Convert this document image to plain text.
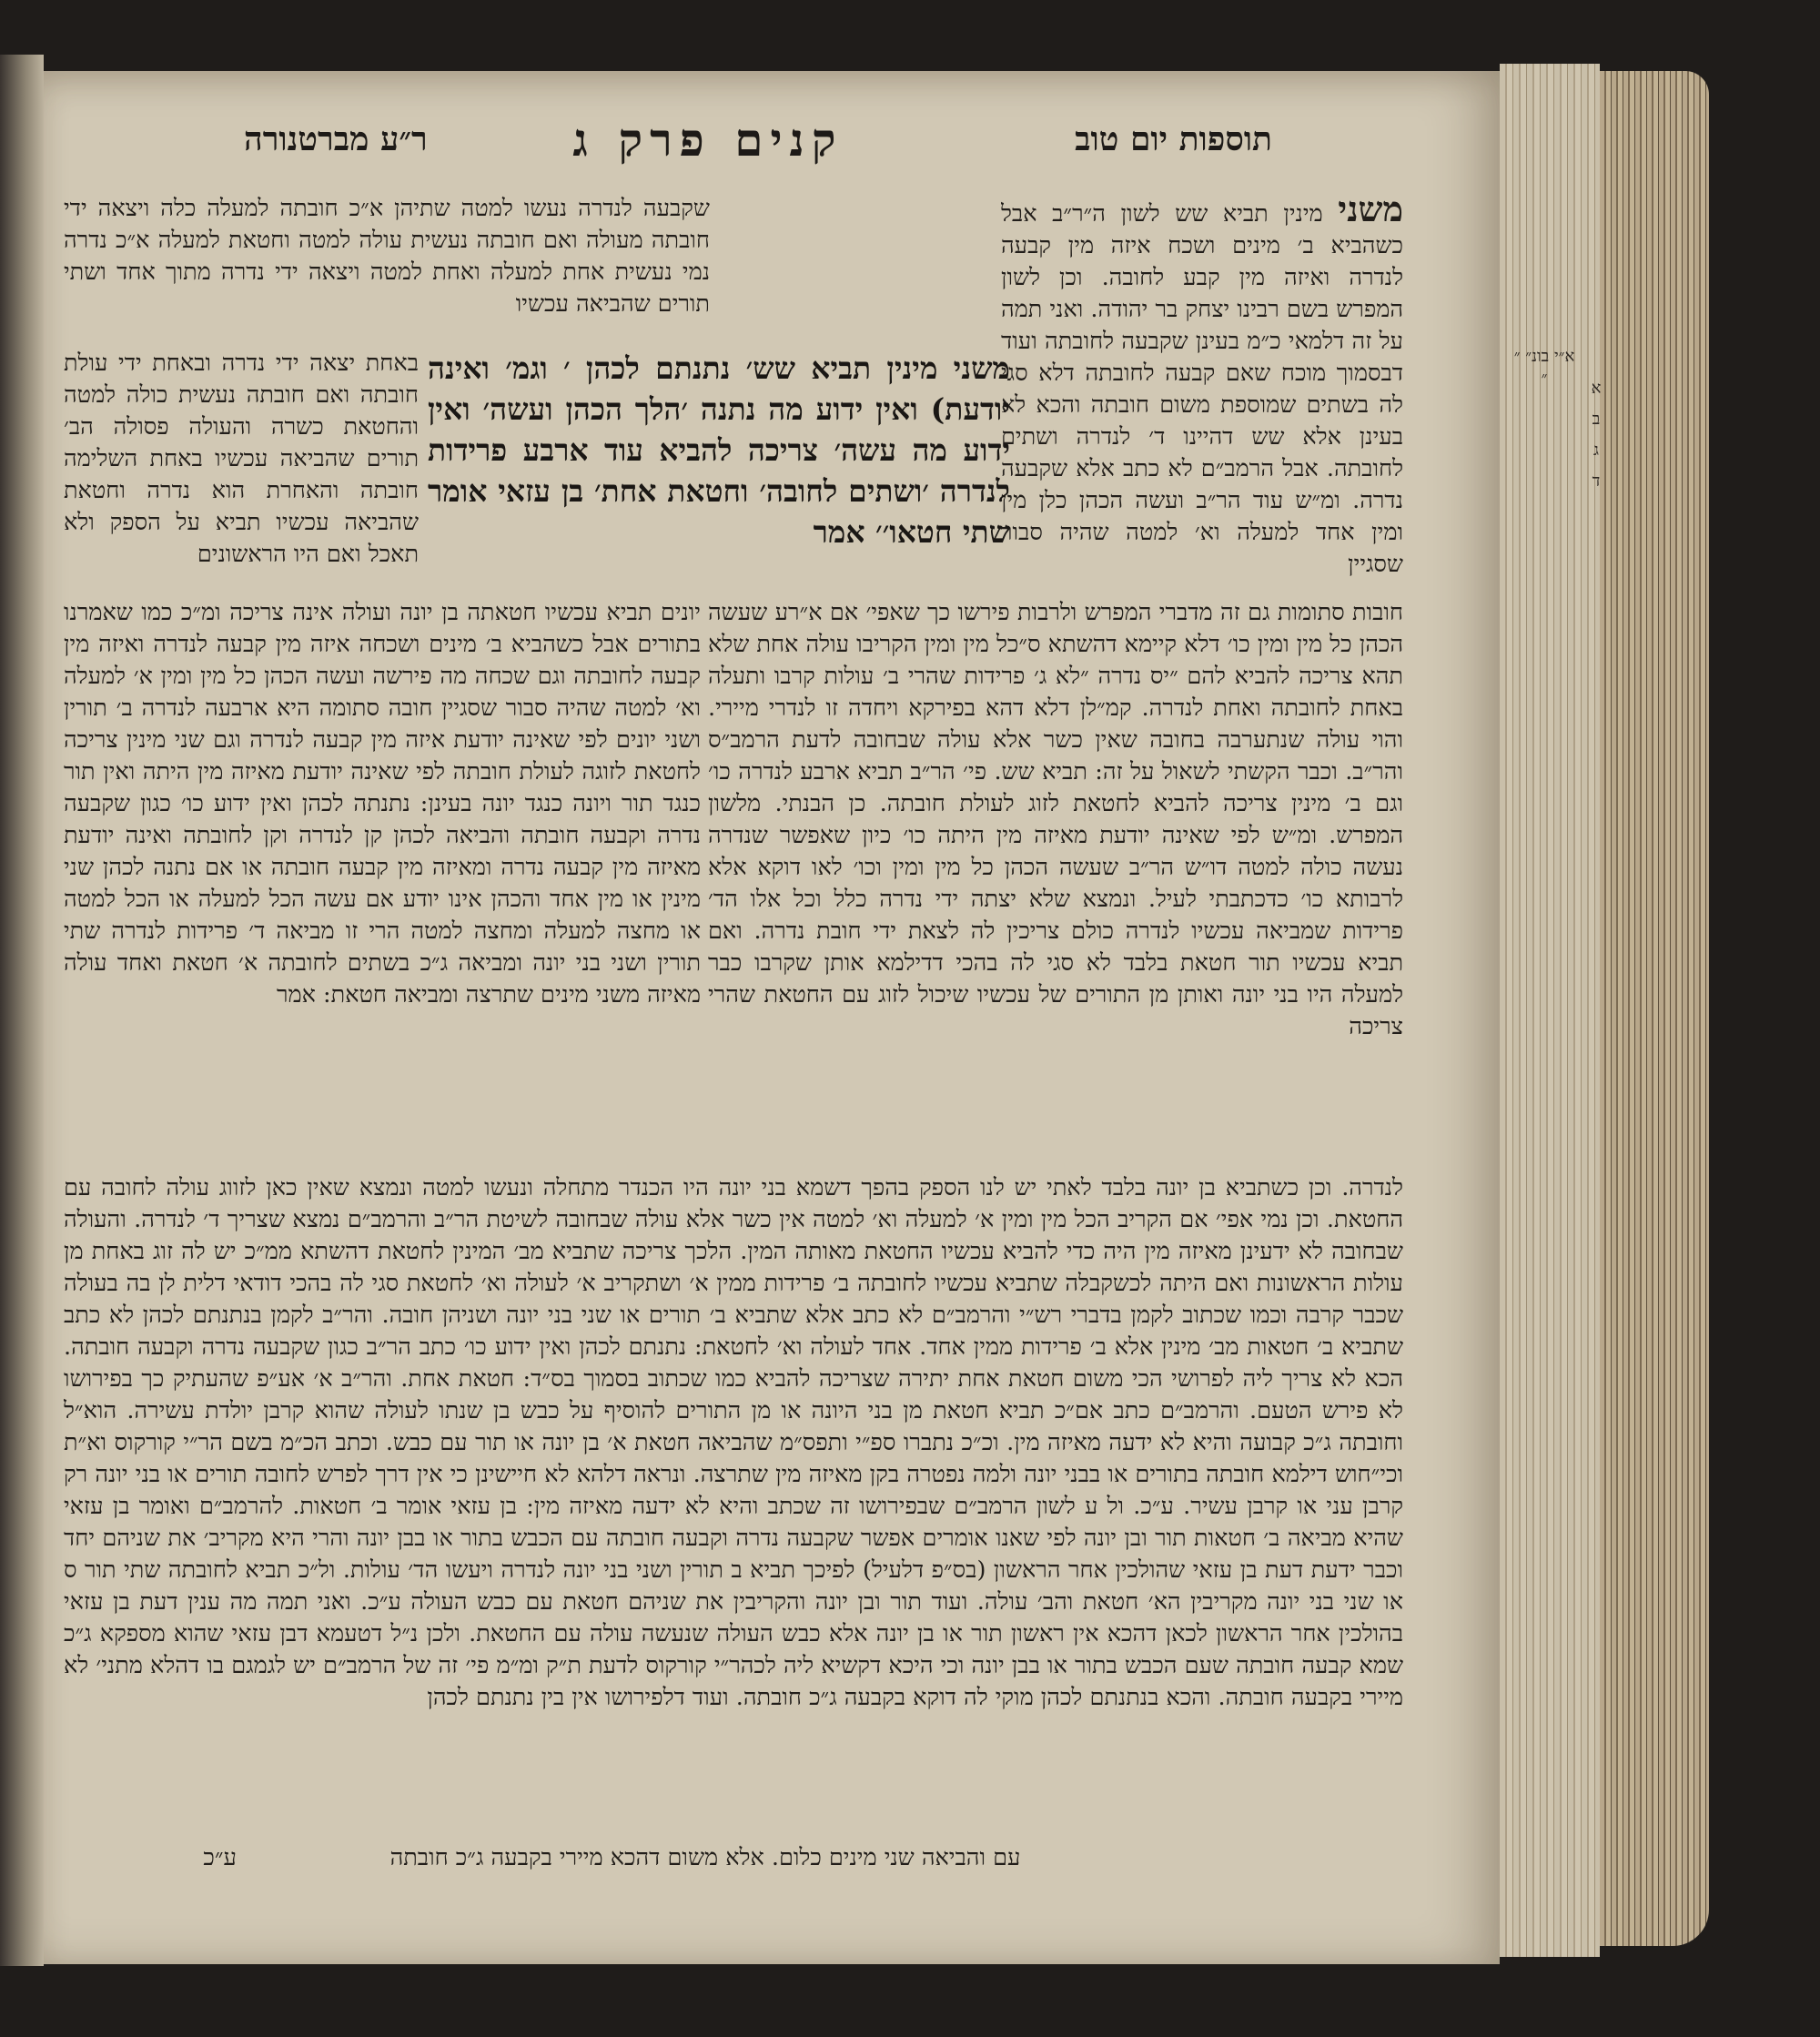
תוספות יום טוב
קנים פרק ג
ר״ע מברטנורה
א״י בונ״ ״ ״
א
ב
ג
ד

משני מינין תביא שש לשון ה״ר״ב אבל כשהביא ב׳ מינים ושכח איזה מין קבעה לנדרה ואיזה מין קבע לחובה. וכן לשון המפרש בשם רבינו יצחק בר יהודה. ואני תמה על זה דלמאי כ״מ בעינן שקבעה לחובתה ועוד דבסמוך מוכח שאם קבעה לחובתה דלא סגי לה בשתים שמוספת משום חובתה והכא לא בעינן אלא שש דהיינו ד׳ לנדרה ושתים לחובתה. אבל הרמב״ם לא כתב אלא שקבעה נדרה. ומ״ש עוד הר״ב ועשה הכהן כלן מין ומין אחד למעלה וא׳ למטה שהיה סבור שסגיין

חובות סתומות גם זה מדברי המפרש ולרבות פירשו כך שאפי׳ אם א״רע שעשה הכהן כל מין ומין כו׳ דלא קיימא דהשתא ס״כל מין ומין הקריבו עולה אחת שלא תהא צריכה להביא להם ״יס נדרה ״לא ג׳ פרידות שהרי ב׳ עולות קרבו ותעלה באחת לחובתה ואחת לנדרה. קמ״לן דלא דהא בפירקא ויחדה זו לנדרי מיירי. והוי עולה שנתערבה בחובה שאין כשר אלא עולה שבחובה לדעת הרמב״ס והר״ב. וכבר הקשתי לשאול על זה: תביא שש. פי׳ הר״ב תביא ארבע לנדרה כו׳ וגם ב׳ מינין צריכה להביא לחטאת לזוג לעולת חובתה. כן הבנתי. מלשון המפרש. ומ״ש לפי שאינה יודעת מאיזה מין היתה כו׳ כיון שאפשר שנדרה נעשה כולה למטה דו״ש הר״ב שעשה הכהן כל מין ומין וכו׳ לאו דוקא אלא לרבותא כו׳ כדכתבתי לעיל. ונמצא שלא יצתה ידי נדרה כלל וכל אלו הד׳ פרידות שמביאה עכשיו לנדרה כולם צריכין לה לצאת ידי חובת נדרה. ואם תביא עכשיו תור חטאת בלבד לא סגי לה בהכי דדילמא אותן שקרבו כבר למעלה היו בני יונה ואותן מן התורים של עכשיו שיכול לזוג עם החטאת שהרי צריכה

שקבעה לנדרה נעשו למטה שתיהן א״כ חובתה למעלה כלה ויצאה ידי חובתה מעולה ואם חובתה נעשית עולה למטה וחטאת למעלה א״כ נדרה נמי נעשית אחת למעלה ואחת למטה ויצאה ידי נדרה מתוך אחד ושתי תורים שהביאה עכשיו

משני מינין תביא שש׳ נתנתם לכהן ׳ וגמ׳ ואינה יודעת) ואין ידוע מה נתנה ׳הלך הכהן ועשה׳ ואין ידוע מה עשה׳ צריכה להביא עוד ארבע פרידות לנדרה ׳ושתים לחובה׳ וחטאת אחת׳ בן עזאי אומר שתי חטאו׳׳ אמר

באחת יצאה ידי נדרה ובאחת ידי עולת חובתה ואם חובתה נעשית כולה למטה והחטאת כשרה והעולה פסולה הב׳ תורים שהביאה עכשיו באחת השלימה חובתה והאחרת הוא נדרה וחטאת שהביאה עכשיו תביא על הספק ולא תאכל ואם היו הראשונים

יונים תביא עכשיו חטאתה בן יונה ועולה אינה צריכה ומ״כ כמו שאמרנו בתורים אבל כשהביא ב׳ מינים ושכחה איזה מין קבעה לנדרה ואיזה מין קבעה לחובתה וגם שכחה מה פירשה ועשה הכהן כל מין ומין א׳ למעלה וא׳ למטה שהיה סבור שסגיין חובה סתומה היא ארבעה לנדרה ב׳ תורין ושני יונים לפי שאינה יודעת איזה מין קבעה לנדרה וגם שני מינין צריכה לחטאת לזוגה לעולת חובתה לפי שאינה יודעת מאיזה מין היתה ואין תור כנגד תור ויונה כנגד יונה בעינן: נתנתה לכהן ואין ידוע כו׳ כגון שקבעה נדרה וקבעה חובתה והביאה לכהן קן לנדרה וקן לחובתה ואינה יודעת מאיזה מין קבעה נדרה ומאיזה מין קבעה חובתה או אם נתנה לכהן שני מינין או מין אחד והכהן אינו יודע אם עשה הכל למעלה או הכל למטה או מחצה למעלה ומחצה למטה הרי זו מביאה ד׳ פרידות לנדרה שתי תורין ושני בני יונה ומביאה ג״כ בשתים לחובתה א׳ חטאת ואחד עולה מאיזה משני מינים שתרצה ומביאה חטאת: אמר

לנדרה. וכן כשתביא בן יונה בלבד לאתי יש לנו הספק בהפך דשמא בני יונה היו הכנדר מתחלה ונעשו למטה ונמצא שאין כאן לזווג עולה לחובה עם החטאת. וכן נמי אפי׳ אם הקריב הכל מין ומין א׳ למעלה וא׳ למטה אין כשר אלא עולה שבחובה לשיטת הר״ב והרמב״ם נמצא שצריך ד׳ לנדרה. והעולה שבחובה לא ידעינן מאיזה מין היה כדי להביא עכשיו החטאת מאותה המין. הלכך צריכה שתביא מב׳ המינין לחטאת דהשתא ממ״כ יש לה זוג באחת מן עולות הראשונות ואם היתה לכשקבלה שתביא עכשיו לחובתה ב׳ פרידות ממין א׳ ושתקריב א׳ לעולה וא׳ לחטאת סגי לה בהכי דודאי דלית לן בה בעולה שכבר קרבה וכמו שכתוב לקמן בדברי רש״י והרמב״ם לא כתב אלא שתביא ב׳ תורים או שני בני יונה ושניהן חובה. והר״ב לקמן בנתנתם לכהן לא כתב שתביא ב׳ חטאות מב׳ מינין אלא ב׳ פרידות ממין אחד. אחד לעולה וא׳ לחטאת: נתנתם לכהן ואין ידוע כו׳ כתב הר״ב כגון שקבעה נדרה וקבעה חובתה. הכא לא צריך ליה לפרושי הכי משום חטאת אחת יתירה שצריכה להביא כמו שכתוב בסמוך בס״ד: חטאת אחת. והר״ב א׳ אע״פ שהעתיק כך בפירושו לא פירש הטעם. והרמב״ם כתב אם״כ תביא חטאת מן בני היונה או מן התורים להוסיף על כבש בן שנתו לעולה שהוא קרבן יולדת עשירה. הוא״ל וחובתה ג״כ קבועה והיא לא ידעה מאיזה מין. וכ״כ נתברו ספ״י ותפס״מ שהביאה חטאת א׳ בן יונה או תור עם כבש. וכתב הכ״מ בשם הר״י קורקוס וא״ת וכי״חוש דילמא חובתה בתורים או בבני יונה ולמה נפטרה בקן מאיזה מין שתרצה. ונראה דלהא לא חיישינן כי אין דרך לפרש לחובה תורים או בני יונה רק קרבן עני או קרבן עשיר. ע״כ. ול ע לשון הרמב״ם שבפירושו זה שכתב והיא לא ידעה מאיזה מין: בן עזאי אומר ב׳ חטאות. להרמב״ם ואומר בן עזאי שהיא מביאה ב׳ חטאות תור ובן יונה לפי שאנו אומרים אפשר שקבעה נדרה וקבעה חובתה עם הכבש בתור או בבן יונה והרי היא מקריב׳ את שניהם יחד וכבר ידעת דעת בן עזאי שהולכין אחר הראשון (בס״פ דלעיל) לפיכך תביא ב תורין ושני בני יונה לנדרה ויעשו הד׳ עולות. ול״כ תביא לחובתה שתי תור ס או שני בני יונה מקריבין הא׳ חטאת והב׳ עולה. ועוד תור ובן יונה והקריבין את שניהם חטאת עם כבש העולה ע״כ. ואני תמה מה ענין דעת בן עזאי בהולכין אחר הראשון לכאן דהכא אין ראשון תור או בן יונה אלא כבש העולה שנעשה עולה עם החטאת. ולכן נ״ל דטעמא דבן עזאי שהוא מספקא ג״כ שמא קבעה חובתה שעם הכבש בתור או בבן יונה וכי היכא דקשיא ליה לכהר״י קורקוס לדעת ת״ק ומ״מ פי׳ זה של הרמב״ם יש לגמגם בו דהלא מתני׳ לא מיירי בקבעה חובתה. והכא בנתנתם לכהן מוקי לה דוקא בקבעה ג״כ חובתה. ועוד דלפירושו אין בין נתנתם לכהן

עם והביאה שני מינים כלום. אלא משום דהכא מיירי בקבעה ג״כ חובתה

ע״כ
